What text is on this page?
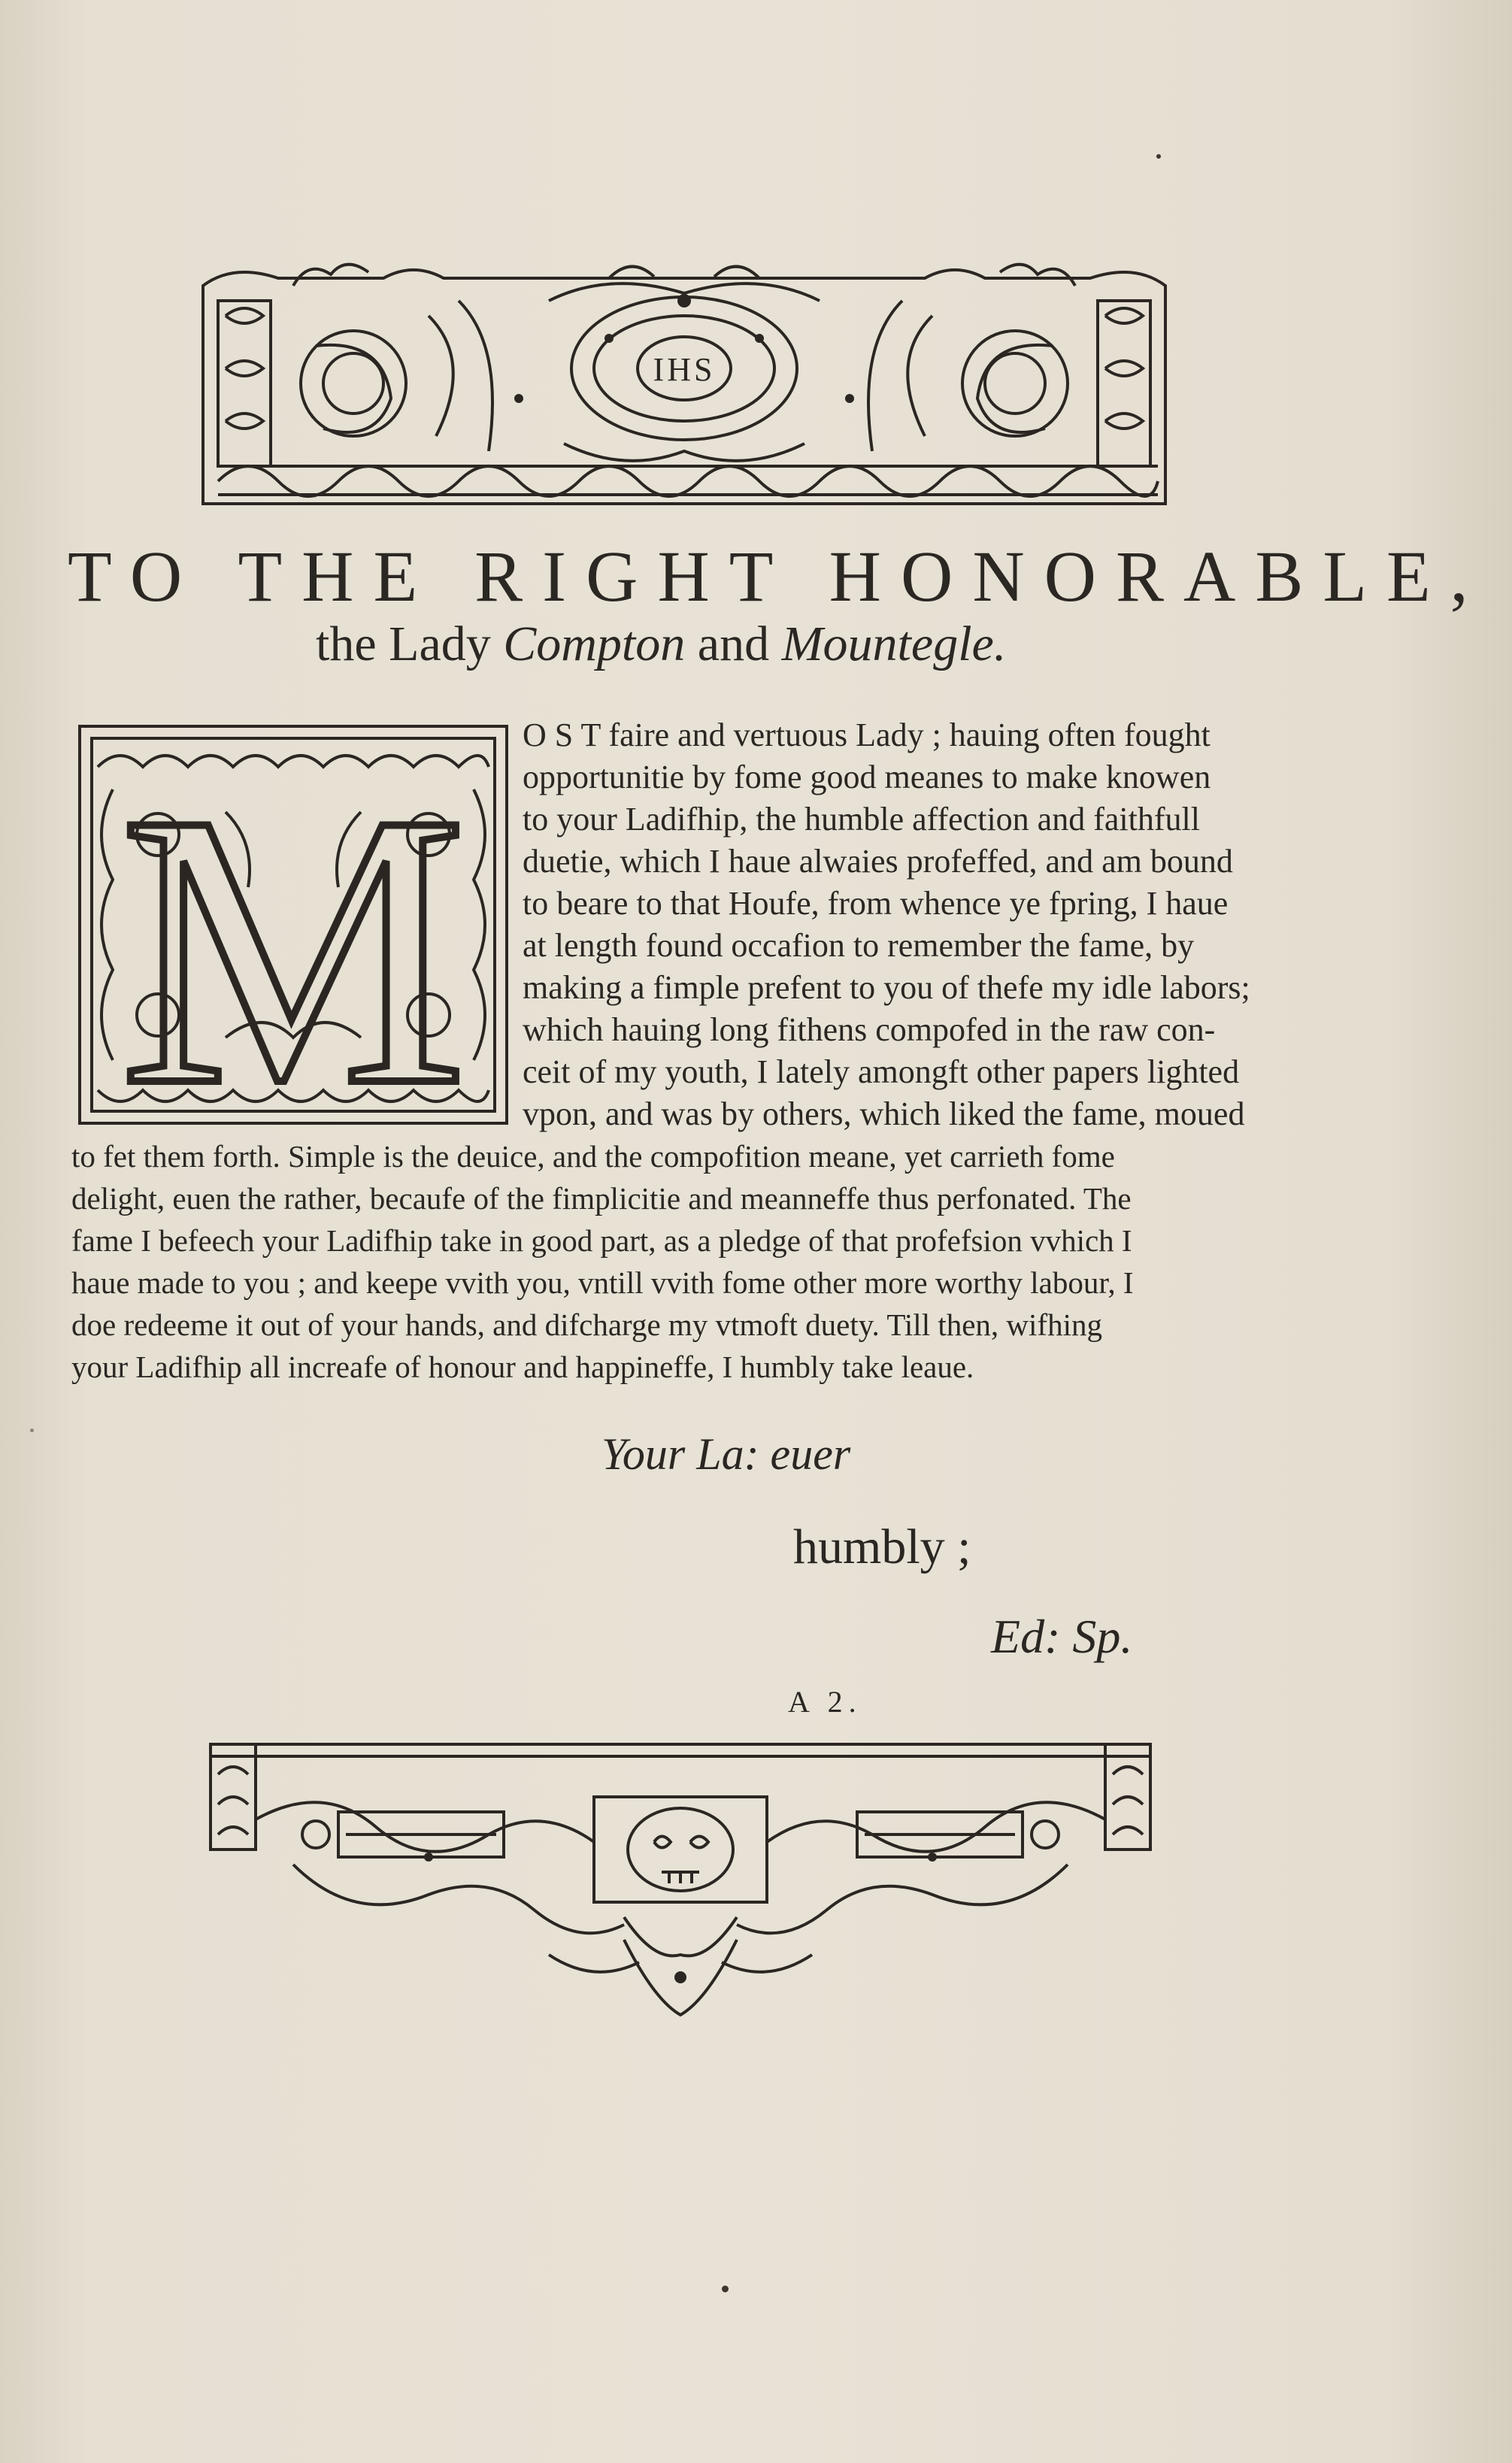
IHS
TO THE RIGHT HONORABLE,
the Lady Compton and Mountegle.
M O S T faire and vertuous Lady ; hauing often fought
opportunitie by fome good meanes to make knowen
to your Ladifhip, the humble affection and faithfull
duetie, which I haue alwaies profeffed, and am bound
to beare to that Houfe, from whence ye fpring, I haue
at length found occafion to remember the fame, by
making a fimple prefent to you of thefe my idle labors;
which hauing long fithens compofed in the raw con-
ceit of my youth, I lately amongft other papers lighted
vpon, and was by others, which liked the fame, moued
to fet them forth. Simple is the deuice, and the compofition meane, yet carrieth fome
delight, euen the rather, becaufe of the fimplicitie and meanneffe thus perfonated. The
fame I befeech your Ladifhip take in good part, as a pledge of that profefsion vvhich I
haue made to you ; and keepe vvith you, vntill vvith fome other more worthy labour, I
doe redeeme it out of your hands, and difcharge my vtmoft duety. Till then, wifhing
your Ladifhip all increafe of honour and happineffe, I humbly take leaue.
Your La: euer
humbly ;
Ed: Sp.
A 2.
